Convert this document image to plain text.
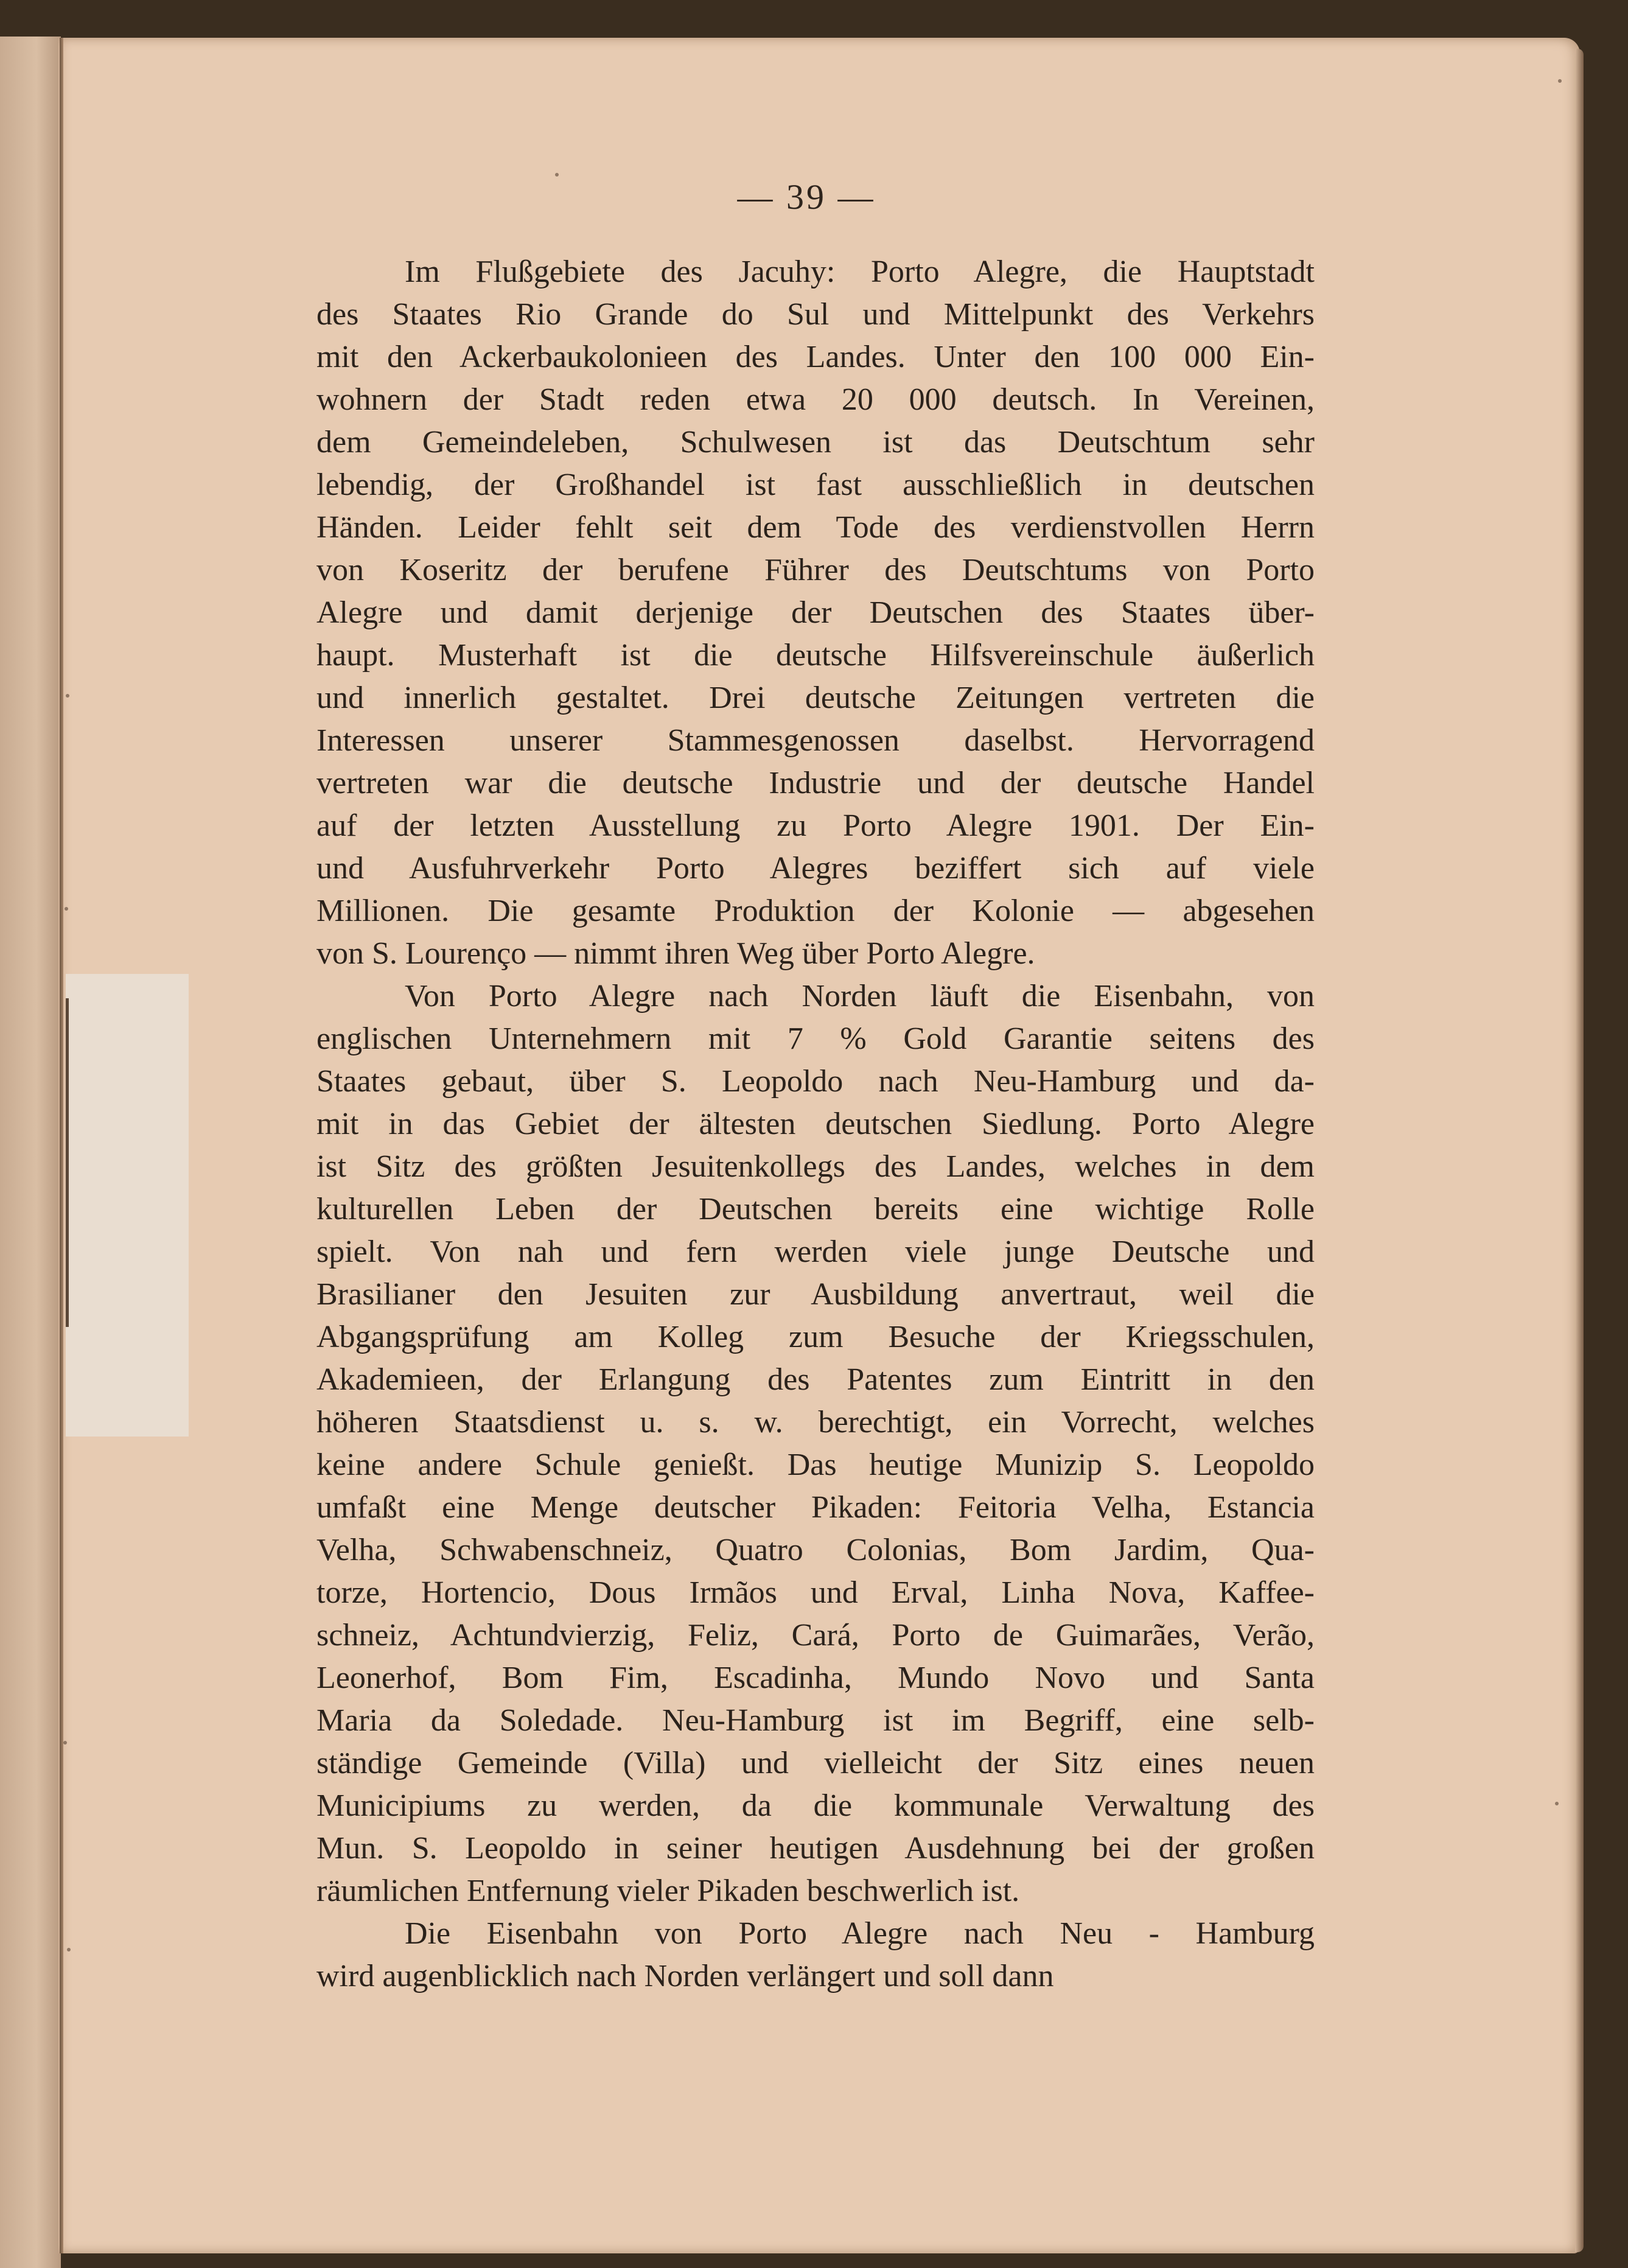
— 39 —
Im Flußgebiete des Jacuhy: Porto Alegre, die Hauptstadt
des Staates Rio Grande do Sul und Mittelpunkt des Verkehrs
mit den Ackerbaukolonieen des Landes. Unter den 100 000 Ein-
wohnern der Stadt reden etwa 20 000 deutsch. In Vereinen,
dem Gemeindeleben, Schulwesen ist das Deutschtum sehr
lebendig, der Großhandel ist fast ausschließlich in deutschen
Händen. Leider fehlt seit dem Tode des verdienstvollen Herrn
von Koseritz der berufene Führer des Deutschtums von Porto
Alegre und damit derjenige der Deutschen des Staates über-
haupt. Musterhaft ist die deutsche Hilfsvereinschule äußerlich
und innerlich gestaltet. Drei deutsche Zeitungen vertreten die
Interessen unserer Stammesgenossen daselbst. Hervorragend
vertreten war die deutsche Industrie und der deutsche Handel
auf der letzten Ausstellung zu Porto Alegre 1901. Der Ein-
und Ausfuhrverkehr Porto Alegres beziffert sich auf viele
Millionen. Die gesamte Produktion der Kolonie — abgesehen
von S. Lourenço — nimmt ihren Weg über Porto Alegre.
Von Porto Alegre nach Norden läuft die Eisenbahn, von
englischen Unternehmern mit 7 % Gold Garantie seitens des
Staates gebaut, über S. Leopoldo nach Neu-Hamburg und da-
mit in das Gebiet der ältesten deutschen Siedlung. Porto Alegre
ist Sitz des größten Jesuitenkollegs des Landes, welches in dem
kulturellen Leben der Deutschen bereits eine wichtige Rolle
spielt. Von nah und fern werden viele junge Deutsche und
Brasilianer den Jesuiten zur Ausbildung anvertraut, weil die
Abgangsprüfung am Kolleg zum Besuche der Kriegsschulen,
Akademieen, der Erlangung des Patentes zum Eintritt in den
höheren Staatsdienst u. s. w. berechtigt, ein Vorrecht, welches
keine andere Schule genießt. Das heutige Munizip S. Leopoldo
umfaßt eine Menge deutscher Pikaden: Feitoria Velha, Estancia
Velha, Schwabenschneiz, Quatro Colonias, Bom Jardim, Qua-
torze, Hortencio, Dous Irmãos und Erval, Linha Nova, Kaffee-
schneiz, Achtundvierzig, Feliz, Cará, Porto de Guimarães, Verão,
Leonerhof, Bom Fim, Escadinha, Mundo Novo und Santa
Maria da Soledade. Neu-Hamburg ist im Begriff, eine selb-
ständige Gemeinde (Villa) und vielleicht der Sitz eines neuen
Municipiums zu werden, da die kommunale Verwaltung des
Mun. S. Leopoldo in seiner heutigen Ausdehnung bei der großen
räumlichen Entfernung vieler Pikaden beschwerlich ist.
Die Eisenbahn von Porto Alegre nach Neu - Hamburg
wird augenblicklich nach Norden verlängert und soll dann
